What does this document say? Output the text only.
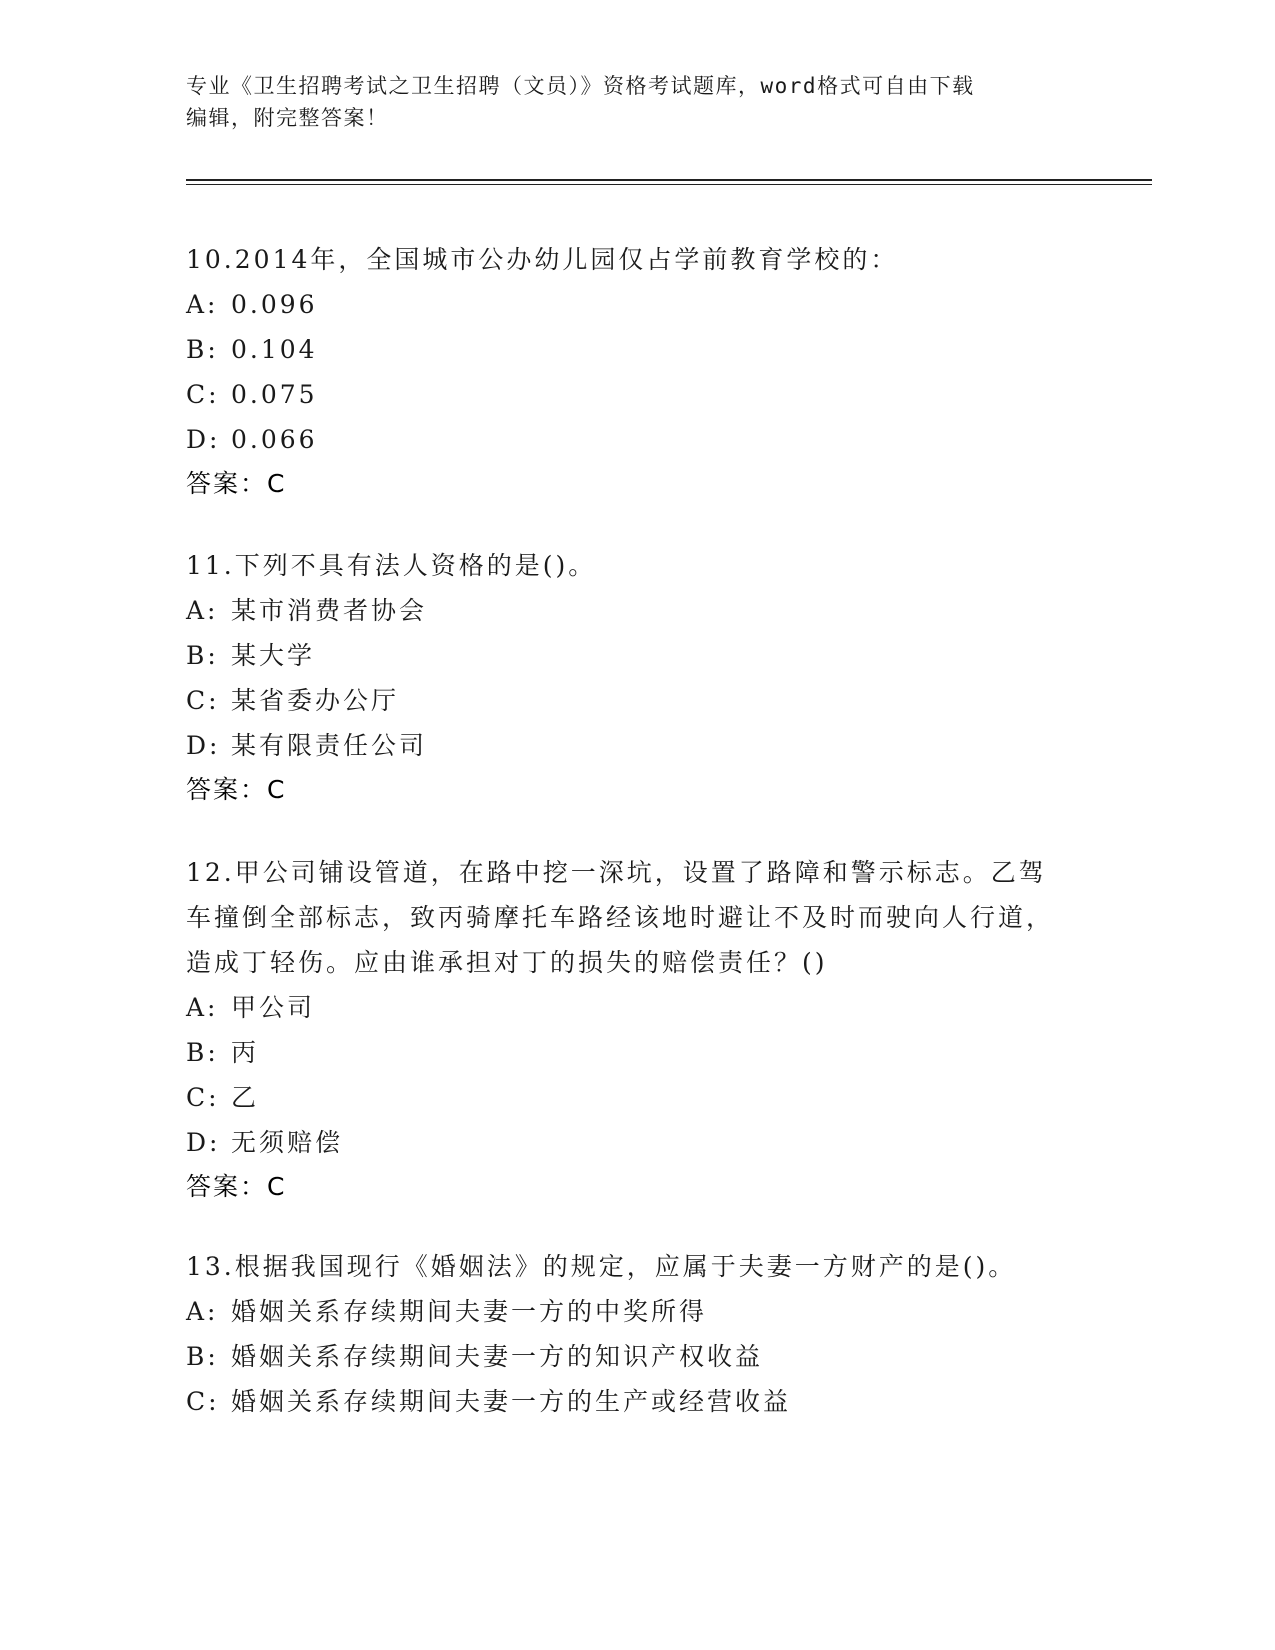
专业《卫生招聘考试之卫生招聘（文员）》资格考试题库，word格式可自由下载
编辑，附完整答案！
10.2014年，全国城市公办幼儿园仅占学前教育学校的：
A: 0.096
B: 0.104
C: 0.075
D: 0.066
答案：C
11.下列不具有法人资格的是()。
A: 某市消费者协会
B: 某大学
C: 某省委办公厅
D: 某有限责任公司
答案：C
12.甲公司铺设管道，在路中挖一深坑，设置了路障和警示标志。乙驾车撞倒全部标志，致丙骑摩托车路经该地时避让不及时而驶向人行道，造成丁轻伤。应由谁承担对丁的损失的赔偿责任？()
A: 甲公司
B: 丙
C: 乙
D: 无须赔偿
答案：C
13.根据我国现行《婚姻法》的规定，应属于夫妻一方财产的是()。
A: 婚姻关系存续期间夫妻一方的中奖所得
B: 婚姻关系存续期间夫妻一方的知识产权收益
C: 婚姻关系存续期间夫妻一方的生产或经营收益
